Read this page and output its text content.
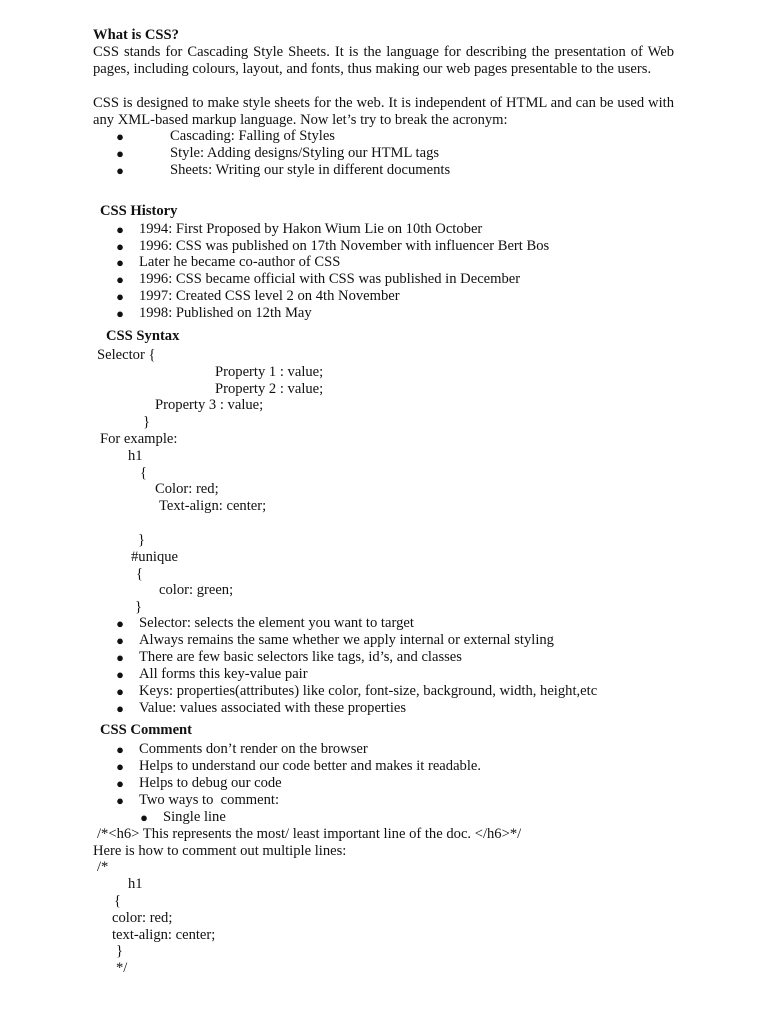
What is CSS?
CSS stands for Cascading Style Sheets. It is the language for describing the presentation of Web pages, including colours, layout, and fonts, thus making our web pages presentable to the users.
CSS is designed to make style sheets for the web. It is independent of HTML and can be used with any XML-based markup language. Now let’s try to break the acronym:
●	Cascading: Falling of Styles
●	Style: Adding designs/Styling our HTML tags
●	Sheets: Writing our style in different documents
CSS History
● 1994: First Proposed by Hakon Wium Lie on 10th October
● 1996: CSS was published on 17th November with influencer Bert Bos
● Later he became co-author of CSS
● 1996: CSS became official with CSS was published in December
● 1997: Created CSS level 2 on 4th November
● 1998: Published on 12th May
CSS Syntax
Selector {
Property 1 : value;
Property 2 : value;
Property 3 : value;
}
For example:
h1
{
Color: red;
Text-align: center;
}
#unique
{
color: green;
}
● Selector: selects the element you want to target
● Always remains the same whether we apply internal or external styling
● There are few basic selectors like tags, id’s, and classes
● All forms this key-value pair
● Keys: properties(attributes) like color, font-size, background, width, height,etc
● Value: values associated with these properties
CSS Comment
● Comments don’t render on the browser
● Helps to understand our code better and makes it readable.
● Helps to debug our code
● Two ways to  comment:
● Single line
/*<h6> This represents the most/ least important line of the doc. </h6>*/
Here is how to comment out multiple lines:
/*
h1
{
color: red;
text-align: center;
}
*/
